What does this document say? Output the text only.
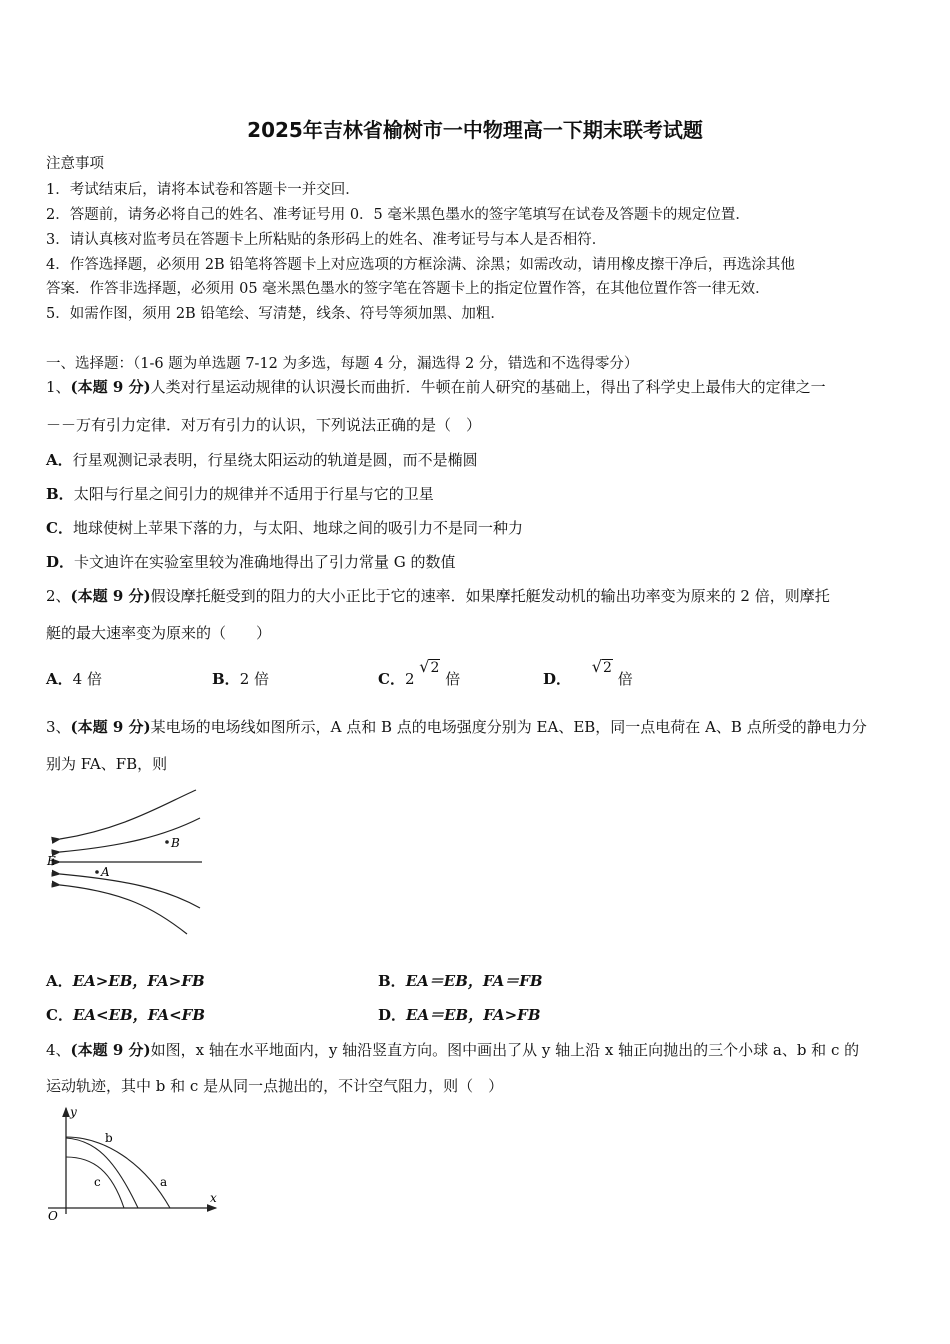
2025年吉林省榆树市一中物理高一下期末联考试题
注意事项
1．考试结束后，请将本试卷和答题卡一并交回．
2．答题前，请务必将自己的姓名、准考证号用 0．5 毫米黑色墨水的签字笔填写在试卷及答题卡的规定位置．
3．请认真核对监考员在答题卡上所粘贴的条形码上的姓名、准考证号与本人是否相符．
4．作答选择题，必须用 2B 铅笔将答题卡上对应选项的方框涂满、涂黑；如需改动，请用橡皮擦干净后，再选涂其他
答案．作答非选择题，必须用 05 毫米黑色墨水的签字笔在答题卡上的指定位置作答，在其他位置作答一律无效．
5．如需作图，须用 2B 铅笔绘、写清楚，线条、符号等须加黑、加粗．
一、选择题：（1-6 题为单选题 7-12 为多选，每题 4 分，漏选得 2 分，错选和不选得零分）
1、(本题 9 分)人类对行星运动规律的认识漫长而曲折．牛顿在前人研究的基础上，得出了科学史上最伟大的定律之一
－－万有引力定律．对万有引力的认识，下列说法正确的是（　）
A．行星观测记录表明，行星绕太阳运动的轨道是圆，而不是椭圆
B．太阳与行星之间引力的规律并不适用于行星与它的卫星
C．地球使树上苹果下落的力，与太阳、地球之间的吸引力不是同一种力
D．卡文迪许在实验室里较为准确地得出了引力常量 G 的数值
2、(本题 9 分)假设摩托艇受到的阻力的大小正比于它的速率．如果摩托艇发动机的输出功率变为原来的 2 倍，则摩托
艇的最大速率变为原来的（　　）
A．4 倍	B．2 倍	C．2 √2 倍	D． √2 倍
3、(本题 9 分)某电场的电场线如图所示，A 点和 B 点的电场强度分别为 EA、EB，同一点电荷在 A、B 点所受的静电力分
别为 FA、FB，则
B
A
E
A．EA>EB，FA>FB	B．EA＝EB，FA＝FB
C．EA<EB，FA<FB	D．EA＝EB，FA>FB
4、(本题 9 分)如图，x 轴在水平地面内，y 轴沿竖直方向。图中画出了从 y 轴上沿 x 轴正向抛出的三个小球 a、b 和 c 的
运动轨迹，其中 b 和 c 是从同一点抛出的，不计空气阻力，则（　）
y
x
O
a
b
c
